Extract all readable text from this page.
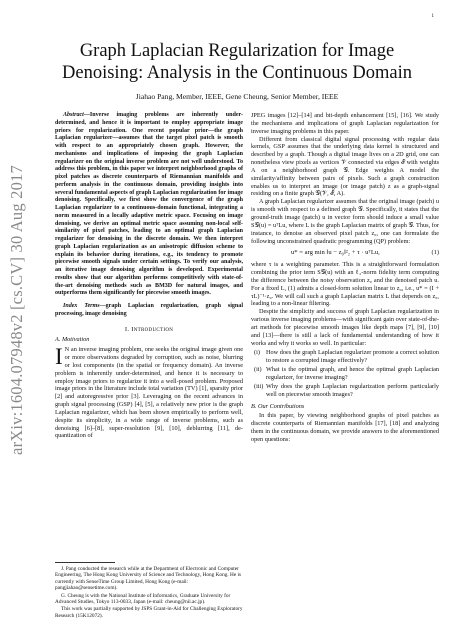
1
arXiv:1604.07948v2 [cs.CV] 30 Aug 2017
Graph Laplacian Regularization for Image Denoising: Analysis in the Continuous Domain
Jiahao Pang, Member, IEEE, Gene Cheung, Senior Member, IEEE

Abstract—Inverse imaging problems are inherently under-determined, and hence it is important to employ appropriate image priors for regularization. One recent popular prior—the graph Laplacian regularizer—assumes that the target pixel patch is smooth with respect to an appropriately chosen graph. However, the mechanisms and implications of imposing the graph Laplacian regularizer on the original inverse problem are not well understood. To address this problem, in this paper we interpret neighborhood graphs of pixel patches as discrete counterparts of Riemannian manifolds and perform analysis in the continuous domain, providing insights into several fundamental aspects of graph Laplacian regularization for image denoising. Specifically, we first show the convergence of the graph Laplacian regularizer to a continuous-domain functional, integrating a norm measured in a locally adaptive metric space. Focusing on image denoising, we derive an optimal metric space assuming non-local self-similarity of pixel patches, leading to an optimal graph Laplacian regularizer for denoising in the discrete domain. We then interpret graph Laplacian regularization as an anisotropic diffusion scheme to explain its behavior during iterations, e.g., its tendency to promote piecewise smooth signals under certain settings. To verify our analysis, an iterative image denoising algorithm is developed. Experimental results show that our algorithm performs competitively with state-of-the-art denoising methods such as BM3D for natural images, and outperforms them significantly for piecewise smooth images.

Index Terms—graph Laplacian regularization, graph signal processing, image denoising

I. Introduction
A. Motivation

I N an inverse imaging problem, one seeks the original image given one or more observations degraded by corruption, such as noise, blurring or lost components (in the spatial or frequency domain). An inverse problem is inherently under-determined, and hence it is necessary to employ image priors to regularize it into a well-posed problem. Proposed image priors in the literature include total variation (TV) [1], sparsity prior [2] and autoregressive prior [3]. Leveraging on the recent advances in graph signal processing (GSP) [4], [5], a relatively new prior is the graph Laplacian regularizer, which has been shown empirically to perform well, despite its simplicity, in a wide range of inverse problems, such as denoising [6]–[8], super-resolution [9], [10], deblurring [11], de-quantization of

J. Pang conducted the research while at the Department of Electronic and Computer Engineering, The Hong Kong University of Science and Technology, Hong Kong. He is currently with SenseTime Group Limited, Hong Kong (e-mail: pangjiahao@sensetime.com).

G. Cheung is with the National Institute of Informatics, Graduate University for Advanced Studies, Tokyo 113-0033, Japan (e-mail: cheung@nii.ac.jp).

This work was partially supported by JSPS Grant-in-Aid for Challenging Exploratory Research (15K12072).

JPEG images [12]–[14] and bit-depth enhancement [15], [16]. We study the mechanisms and implications of graph Laplacian regularization for inverse imaging problems in this paper.

Different from classical digital signal processing with regular data kernels, GSP assumes that the underlying data kernel is structured and described by a graph. Though a digital image lives on a 2D grid, one can nonetheless view pixels as vertices 𝒱 connected via edges ℰ with weights A on a neighborhood graph 𝒢. Edge weights A model the similarity/affinity between pairs of pixels. Such a graph construction enables us to interpret an image (or image patch) z as a graph-signal residing on a finite graph 𝒢(𝒱, ℰ, A).

A graph Laplacian regularizer assumes that the original image (patch) u is smooth with respect to a defined graph 𝒢. Specifically, it states that the ground-truth image (patch) u in vector form should induce a small value S𝒢(u) = uᵀLu, where L is the graph Laplacian matrix of graph 𝒢. Thus, for instance, to denoise an observed pixel patch z₀, one can formulate the following unconstrained quadratic programming (QP) problem:

u* = arg min ‖u − z₀‖²₂ + τ · uᵀLu,	(1)

where τ is a weighting parameter. This is a straightforward formulation combining the prior term S𝒢(u) with an ℓ₂-norm fidelity term computing the difference between the noisy observation z₀ and the denoised patch u. For a fixed L, (1) admits a closed-form solution linear to z₀, i.e., u* = (I + τL)⁻¹·z₀. We will call such a graph Laplacian matrix L that depends on z₀, leading to a non-linear filtering.

Despite the simplicity and success of graph Laplacian regularization in various inverse imaging problems—with significant gain over state-of-the-art methods for piecewise smooth images like depth maps [7], [9], [10] and [13]—there is still a lack of fundamental understanding of how it works and why it works so well. In particular:

(i) How does the graph Laplacian regularizer promote a correct solution to restore a corrupted image effectively?
(ii) What is the optimal graph, and hence the optimal graph Laplacian regularizer, for inverse imaging?
(iii) Why does the graph Laplacian regularization perform particularly well on piecewise smooth images?
B. Our Contributions

In this paper, by viewing neighborhood graphs of pixel patches as discrete counterparts of Riemannian manifolds [17], [18] and analyzing them in the continuous domain, we provide answers to the aforementioned open questions:
